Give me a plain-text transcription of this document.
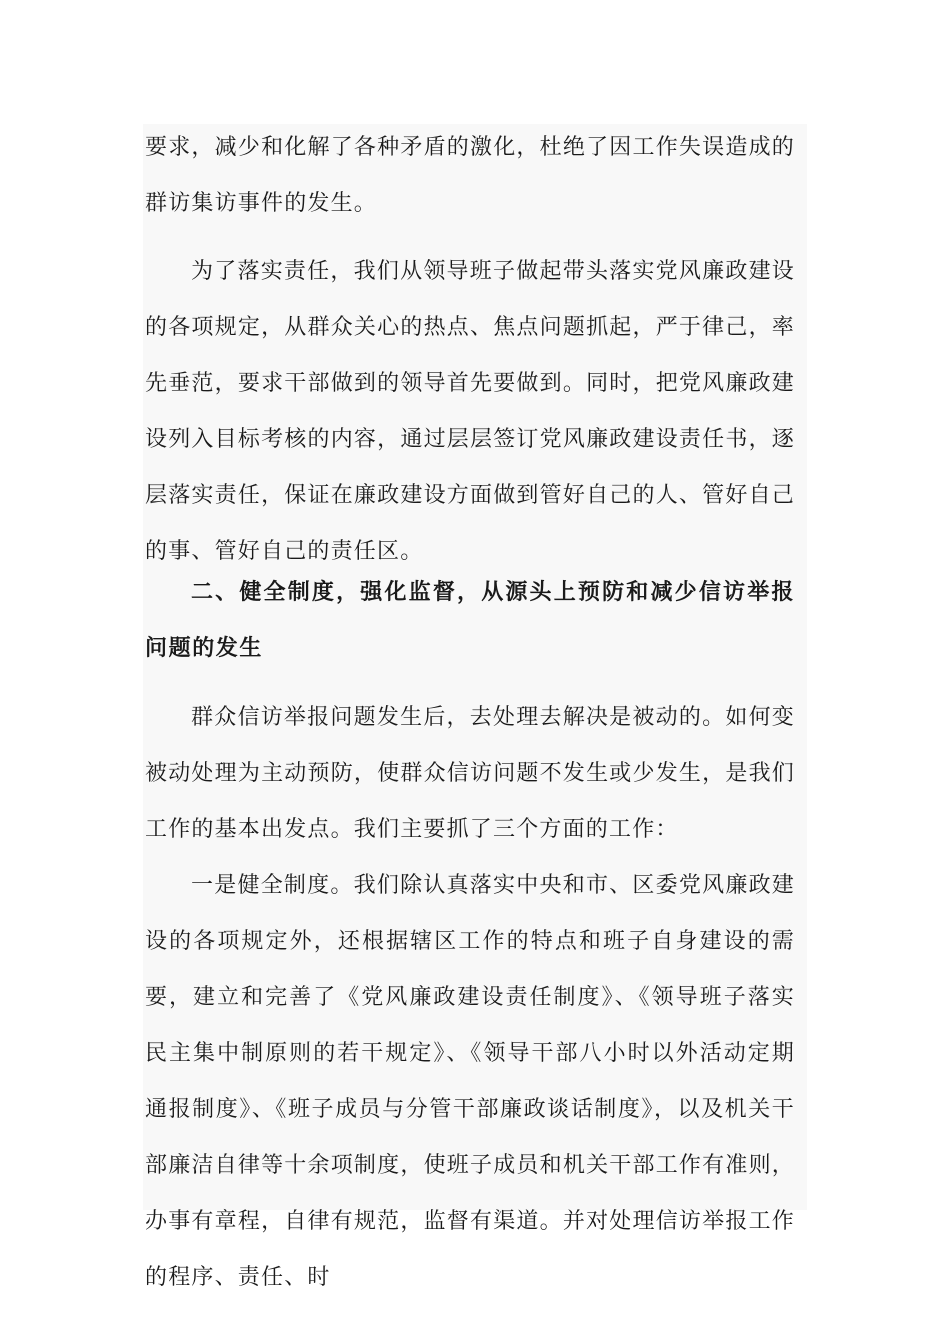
要求，减少和化解了各种矛盾的激化，杜绝了因工作失误造成的群访集访事件的发生。

为了落实责任，我们从领导班子做起带头落实党风廉政建设的各项规定，从群众关心的热点、焦点问题抓起，严于律己，率先垂范，要求干部做到的领导首先要做到。同时，把党风廉政建设列入目标考核的内容，通过层层签订党风廉政建设责任书，逐层落实责任，保证在廉政建设方面做到管好自己的人、管好自己的事、管好自己的责任区。

二、健全制度，强化监督，从源头上预防和减少信访举报问题的发生

群众信访举报问题发生后，去处理去解决是被动的。如何变被动处理为主动预防，使群众信访问题不发生或少发生，是我们工作的基本出发点。我们主要抓了三个方面的工作：

一是健全制度。我们除认真落实中央和市、区委党风廉政建设的各项规定外，还根据辖区工作的特点和班子自身建设的需要，建立和完善了《党风廉政建设责任制度》、《领导班子落实民主集中制原则的若干规定》、《领导干部八小时以外活动定期通报制度》、《班子成员与分管干部廉政谈话制度》，以及机关干部廉洁自律等十余项制度，使班子成员和机关干部工作有准则，办事有章程，自律有规范，监督有渠道。并对处理信访举报工作的程序、责任、时
